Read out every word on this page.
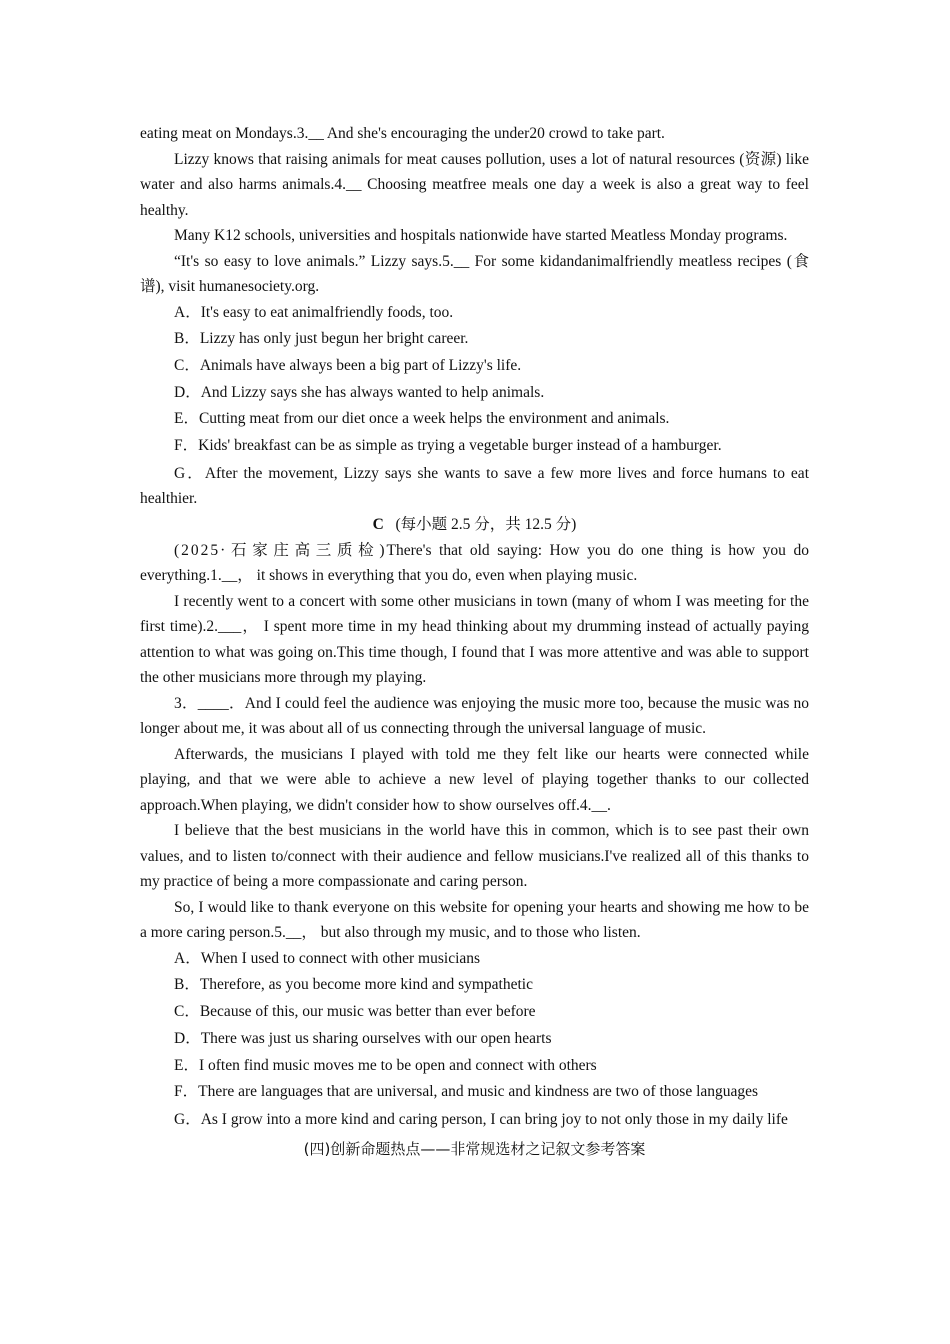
eating meat on Mondays.3.__ And she's encouraging the under20 crowd to take part.

Lizzy knows that raising animals for meat causes pollution, uses a lot of natural resources (资源) like water and also harms animals.4.__ Choosing meatfree meals one day a week is also a great way to feel healthy.

Many K12 schools, universities and hospitals nationwide have started Meatless Monday programs.

“It's so easy to love animals.” Lizzy says.5.__ For some kidandanimalfriendly meatless recipes (食谱), visit humanesociety.org.

A．It's easy to eat animalfriendly foods, too.

B．Lizzy has only just begun her bright career.

C．Animals have always been a big part of Lizzy's life.

D．And Lizzy says she has always wanted to help animals.

E．Cutting meat from our diet once a week helps the environment and animals.

F．Kids' breakfast can be as simple as trying a vegetable burger instead of a hamburger.

G．After the movement, Lizzy says she wants to save a few more lives and force humans to eat healthier.

C (每小题 2.5 分，共 12.5 分)

(2025·石家庄高三质检)There's that old saying: How you do one thing is how you do everything.1.__， it shows in everything that you do, even when playing music.

I recently went to a concert with some other musicians in town (many of whom I was meeting for the first time).2.___， I spent more time in my head thinking about my drumming instead of actually paying attention to what was going on.This time though, I found that I was more attentive and was able to support the other musicians more through my playing.

3．____．And I could feel the audience was enjoying the music more too, because the music was no longer about me, it was about all of us connecting through the universal language of music.

Afterwards, the musicians I played with told me they felt like our hearts were connected while playing, and that we were able to achieve a new level of playing together thanks to our collected approach.When playing, we didn't consider how to show ourselves off.4.__.

I believe that the best musicians in the world have this in common, which is to see past their own values, and to listen to/connect with their audience and fellow musicians.I've realized all of this thanks to my practice of being a more compassionate and caring person.

So, I would like to thank everyone on this website for opening your hearts and showing me how to be a more caring person.5.__， but also through my music, and to those who listen.

A．When I used to connect with other musicians

B．Therefore, as you become more kind and sympathetic

C．Because of this, our music was better than ever before

D．There was just us sharing ourselves with our open hearts

E．I often find music moves me to be open and connect with others

F．There are languages that are universal, and music and kindness are two of those languages

G．As I grow into a more kind and caring person, I can bring joy to not only those in my daily life

(四)创新命题热点——非常规选材之记叙文参考答案
